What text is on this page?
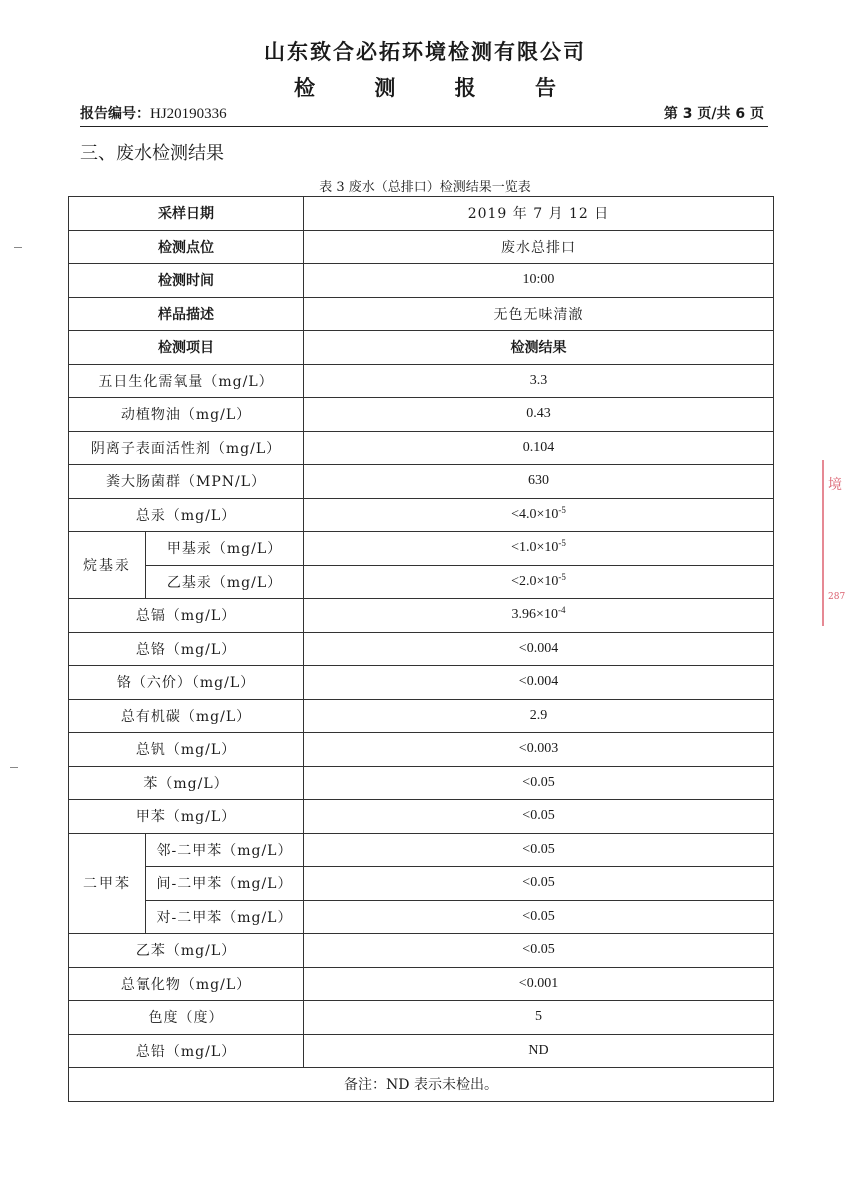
山东致合必拓环境检测有限公司
检 测 报 告
报告编号：HJ20190336	第 3 页/共 6 页
三、废水检测结果
表 3 废水（总排口）检测结果一览表
采样日期		2019 年 7 月 12 日
检测点位		废水总排口
检测时间		10:00
样品描述		无色无味清澈
检测项目		检测结果
五日生化需氧量（mg/L）		3.3
动植物油（mg/L）		0.43
阴离子表面活性剂（mg/L）		0.104
粪大肠菌群（MPN/L）		630
总汞（mg/L）		$<4.0\times 10^{-5}$
烷基汞	甲基汞（mg/L）	$<1.0\times 10^{-5}$
	乙基汞（mg/L）	$<2.0\times 10^{-5}$
总镉（mg/L）		$3.96\times 10^{-4}$
总铬（mg/L）		<0.004
铬（六价）（mg/L）		<0.004
总有机碳（mg/L）		2.9
总钒（mg/L）		<0.003
苯（mg/L）		<0.05
甲苯（mg/L）		<0.05
二甲苯	邻-二甲苯（mg/L）	<0.05
	间-二甲苯（mg/L）	<0.05
	对-二甲苯（mg/L）	<0.05
乙苯（mg/L）		<0.05
总氰化物（mg/L）		<0.001
色度（度）		5
总铅（mg/L）		ND
备注：ND 表示未检出。		
境
287
